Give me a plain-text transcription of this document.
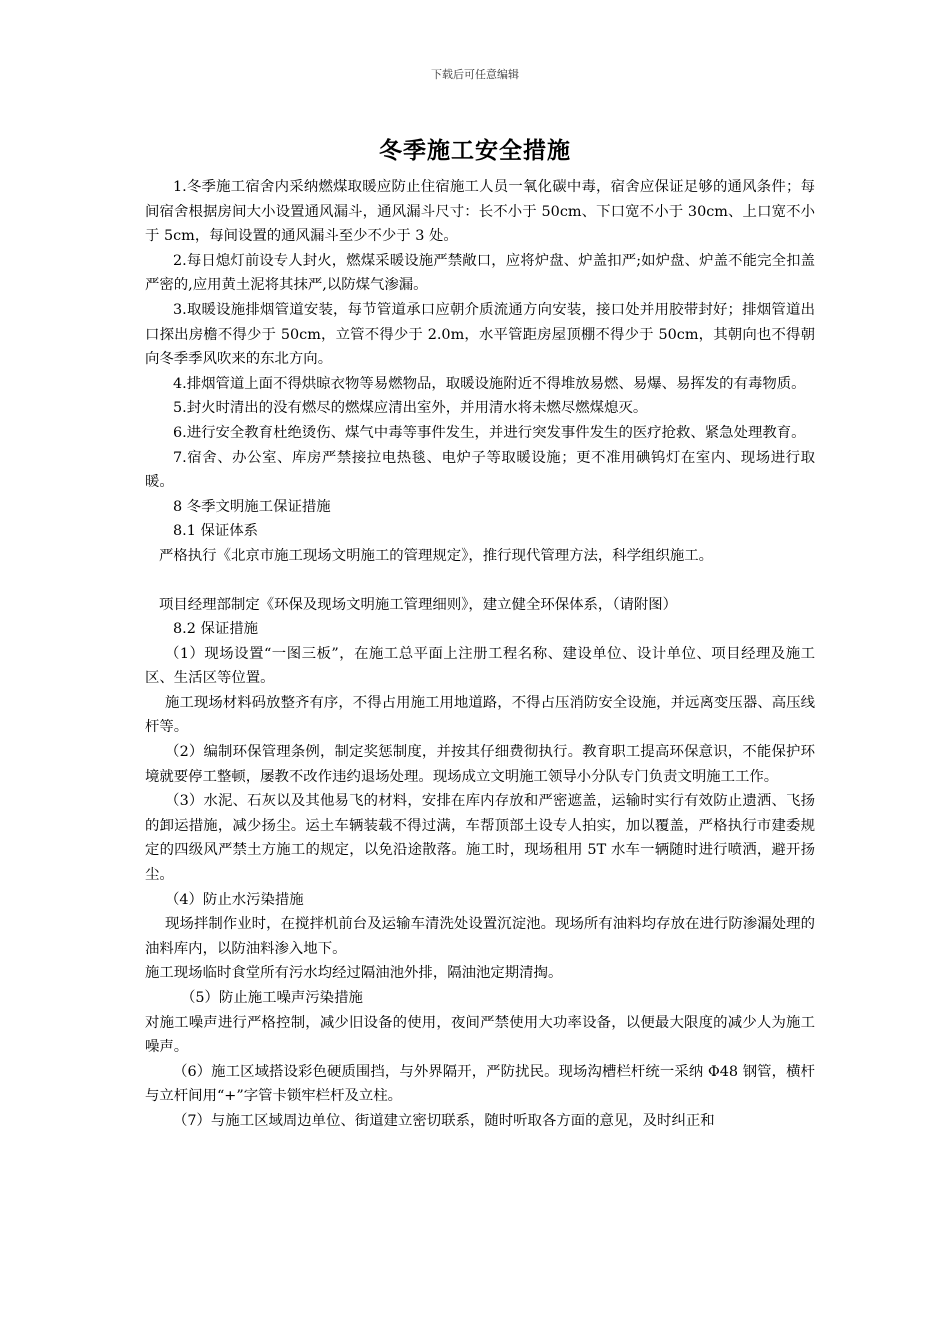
下载后可任意编辑
冬季施工安全措施

1.冬季施工宿舍内采纳燃煤取暖应防止住宿施工人员一氧化碳中毒，宿舍应保证足够的通风条件；每间宿舍根据房间大小设置通风漏斗，通风漏斗尺寸：长不小于 50cm、下口宽不小于 30cm、上口宽不小于 5cm，每间设置的通风漏斗至少不少于 3 处。

2.每日熄灯前设专人封火，燃煤采暖设施严禁敞口，应将炉盘、炉盖扣严;如炉盘、炉盖不能完全扣盖严密的,应用黄土泥将其抹严,以防煤气渗漏。

3.取暖设施排烟管道安装，每节管道承口应朝介质流通方向安装，接口处并用胶带封好；排烟管道出口探出房檐不得少于 50cm，立管不得少于 2.0m，水平管距房屋顶棚不得少于 50cm，其朝向也不得朝向冬季季风吹来的东北方向。

4.排烟管道上面不得烘晾衣物等易燃物品，取暖设施附近不得堆放易燃、易爆、易挥发的有毒物质。

5.封火时清出的没有燃尽的燃煤应清出室外，并用清水将未燃尽燃煤熄灭。

6.进行安全教育杜绝烫伤、煤气中毒等事件发生，并进行突发事件发生的医疗抢救、紧急处理教育。

7.宿舍、办公室、库房严禁接拉电热毯、电炉子等取暖设施；更不准用碘钨灯在室内、现场进行取暖。

8 冬季文明施工保证措施

8.1 保证体系

严格执行《北京市施工现场文明施工的管理规定》，推行现代管理方法，科学组织施工。

项目经理部制定《环保及现场文明施工管理细则》，建立健全环保体系，（请附图）

8.2 保证措施

（1）现场设置“一图三板”，在施工总平面上注册工程名称、建设单位、设计单位、项目经理及施工区、生活区等位置。

施工现场材料码放整齐有序，不得占用施工用地道路，不得占压消防安全设施，并远离变压器、高压线杆等。

（2）编制环保管理条例，制定奖惩制度，并按其仔细费彻执行。教育职工提高环保意识，不能保护环境就要停工整顿，屡教不改作违约退场处理。现场成立文明施工领导小分队专门负责文明施工工作。

（3）水泥、石灰以及其他易飞的材料，安排在库内存放和严密遮盖，运输时实行有效防止遗洒、飞扬的卸运措施，减少扬尘。运土车辆装载不得过满，车帮顶部土设专人拍实，加以覆盖，严格执行市建委规定的四级风严禁土方施工的规定，以免沿途散落。施工时，现场租用 5T 水车一辆随时进行喷洒，避开扬尘。

（4）防止水污染措施

现场拌制作业时，在搅拌机前台及运输车清洗处设置沉淀池。现场所有油料均存放在进行防渗漏处理的油料库内，以防油料渗入地下。

施工现场临时食堂所有污水均经过隔油池外排，隔油池定期清掏。

（5）防止施工噪声污染措施

对施工噪声进行严格控制，减少旧设备的使用，夜间严禁使用大功率设备，以便最大限度的减少人为施工噪声。

（6）施工区域搭设彩色硬质围挡，与外界隔开，严防扰民。现场沟槽栏杆统一采纳 Φ48 钢管，横杆与立杆间用“+”字管卡锁牢栏杆及立柱。

（7）与施工区域周边单位、街道建立密切联系，随时听取各方面的意见，及时纠正和
